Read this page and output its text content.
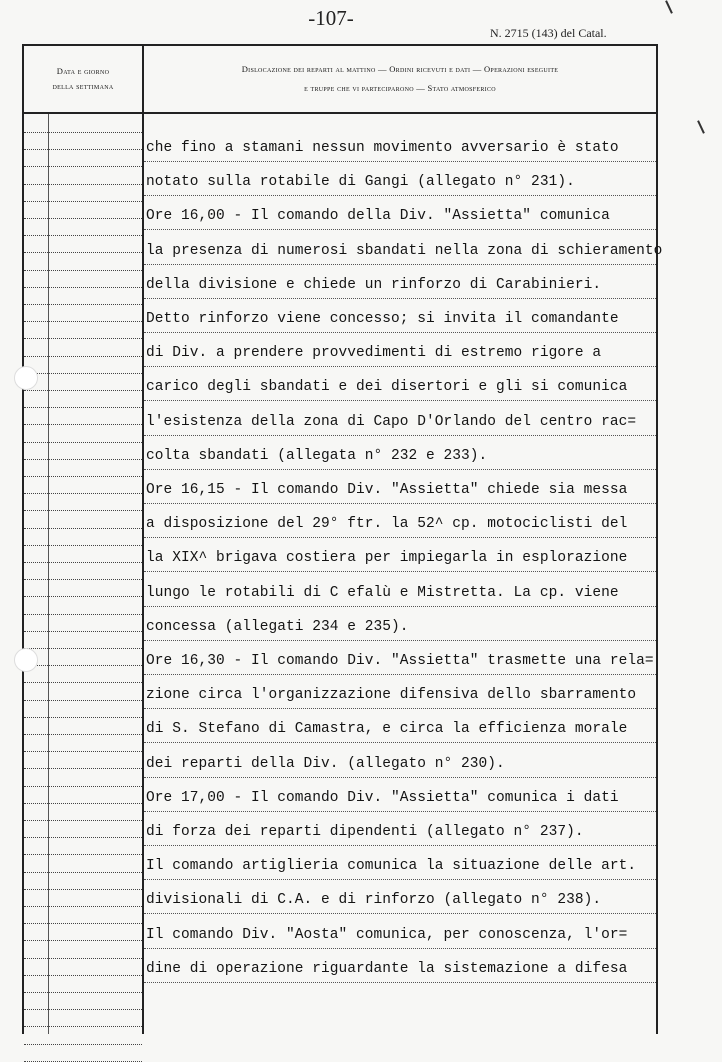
-107-
N. 2715 (143) del Catal.
Data e giorno
della settimana
Dislocazione dei reparti al mattino — Ordini ricevuti e dati — Operazioni eseguite
e truppe che vi parteciparono — Stato atmosferico
che fino a stamani nessun movimento avversario è stato
notato sulla rotabile di Gangi (allegato n° 231).
Ore 16,00 - Il comando della Div. "Assietta" comunica
la presenza di numerosi sbandati nella zona di schieramento
della divisione e chiede un rinforzo di Carabinieri.
Detto rinforzo viene concesso; si invita il comandante
di Div. a prendere provvedimenti di estremo rigore a
carico degli sbandati e dei disertori e gli si comunica
l'esistenza della zona di Capo D'Orlando del centro rac=
colta sbandati (allegata n° 232 e 233).
Ore 16,15 - Il comando Div. "Assietta" chiede sia messa
a disposizione del 29° ftr. la 52^ cp. motociclisti del
la XIX^ brigava costiera per impiegarla in esplorazione
lungo le rotabili di C efalù e Mistretta. La cp. viene
concessa (allegati 234 e 235).
Ore 16,30 - Il comando Div. "Assietta" trasmette una rela=
zione circa l'organizzazione difensiva dello sbarramento
di S. Stefano di Camastra, e circa la efficienza morale
dei reparti della Div. (allegato n° 230).
Ore 17,00 - Il comando Div. "Assietta" comunica i dati
di forza dei reparti dipendenti (allegato n° 237).
Il comando artiglieria comunica la situazione delle art.
divisionali di C.A. e di rinforzo (allegato n° 238).
Il comando Div. "Aosta" comunica, per conoscenza, l'or=
dine di operazione riguardante la sistemazione a difesa
